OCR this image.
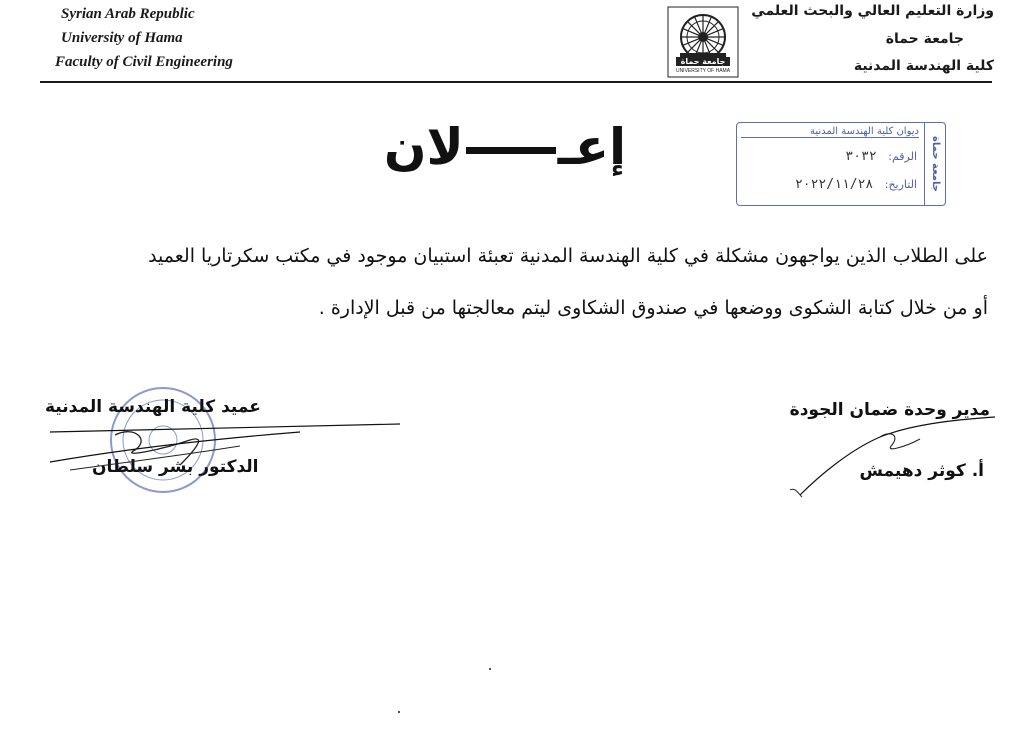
Syrian Arab Republic
University of Hama
Faculty of Civil Engineering	جامعة حماة
UNIVERSITY OF HAMA
وزارة التعليم العالي والبحث العلمي
جامعة حماة
كلية الهندسة المدنية
ديوان كلية الهندسة المدنية
جامعة حماة
الرقم: ٣٠٣٢
التاريخ: ٢٠٢٢/١١/٢٨
إعـلان
على الطلاب الذين يواجهون مشكلة في كلية الهندسة المدنية تعبئة استبيان موجود في مكتب سكرتاريا العميد
أو من خلال كتابة الشكوى ووضعها في صندوق الشكاوى ليتم معالجتها من قبل الإدارة .
عميد كلية الهندسة المدنية
الدكتور بشر سلطان
مدير وحدة ضمان الجودة
أ. كوثر دهيمش
